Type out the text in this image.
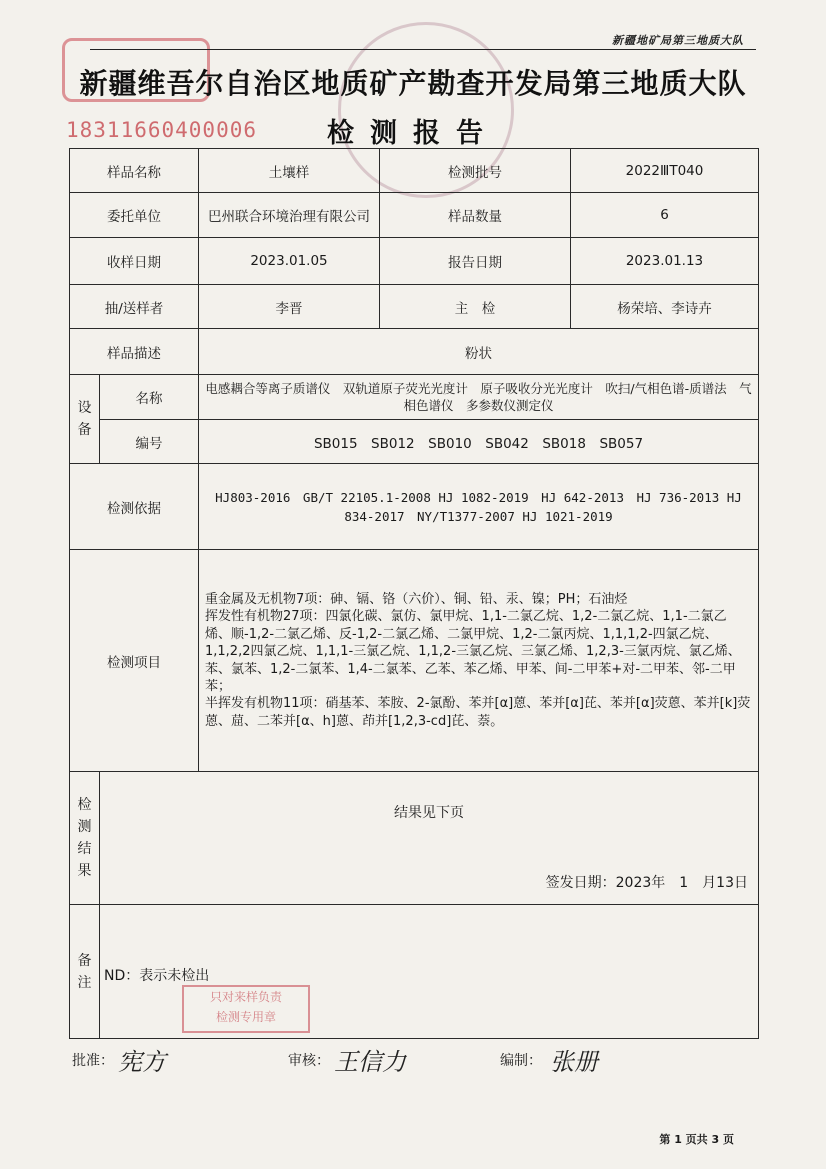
新疆地矿局第三地质大队
新疆维吾尔自治区地质矿产勘查开发局第三地质大队
检测报告
18311660400006
样品名称		土壤样	检测批号	2022ⅢT040
委托单位		巴州联合环境治理有限公司	样品数量	6
收样日期		2023.01.05	报告日期	2023.01.13
抽/送样者		李晋	主　检	杨荣培、李诗卉
样品描述		粉状		
设备	名称	电感耦合等离子质谱仪　双轨道原子荧光光度计　原子吸收分光光度计　吹扫/气相色谱-质谱法　气相色谱仪　多参数仪测定仪		
	编号	SB015　SB012　SB010　SB042　SB018　SB057		
检测依据		HJ803-2016　GB/T 22105.1-2008 HJ 1082-2019　HJ 642-2013　HJ 736-2013 HJ 834-2017　NY/T1377-2007 HJ 1021-2019		
检测项目		重金属及无机物7项：砷、镉、铬（六价）、铜、铅、汞、镍；PH；石油烃
挥发性有机物27项：四氯化碳、氯仿、氯甲烷、1,1-二氯乙烷、1,2-二氯乙烷、1,1-二氯乙烯、顺-1,2-二氯乙烯、反-1,2-二氯乙烯、二氯甲烷、1,2-二氯丙烷、1,1,1,2-四氯乙烷、1,1,2,2四氯乙烷、1,1,1-三氯乙烷、1,1,2-三氯乙烷、三氯乙烯、1,2,3-三氯丙烷、氯乙烯、苯、氯苯、1,2-二氯苯、1,4-二氯苯、乙苯、苯乙烯、甲苯、间-二甲苯+对-二甲苯、邻-二甲苯；
半挥发有机物11项：硝基苯、苯胺、2-氯酚、苯并[α]蒽、苯并[α]芘、苯并[α]荧蒽、苯并[k]荧蒽、䓛、二苯并[α、h]蒽、茚并[1,2,3-cd]芘、萘。		

检测结果	结果见下页
签发日期：2023年　1　月13日			

备注	ND：表示未检出
只对来样负责
检测专用章			
批准： 宪方	审核： 王信力	编制： 张册
第 1 页共 3 页
